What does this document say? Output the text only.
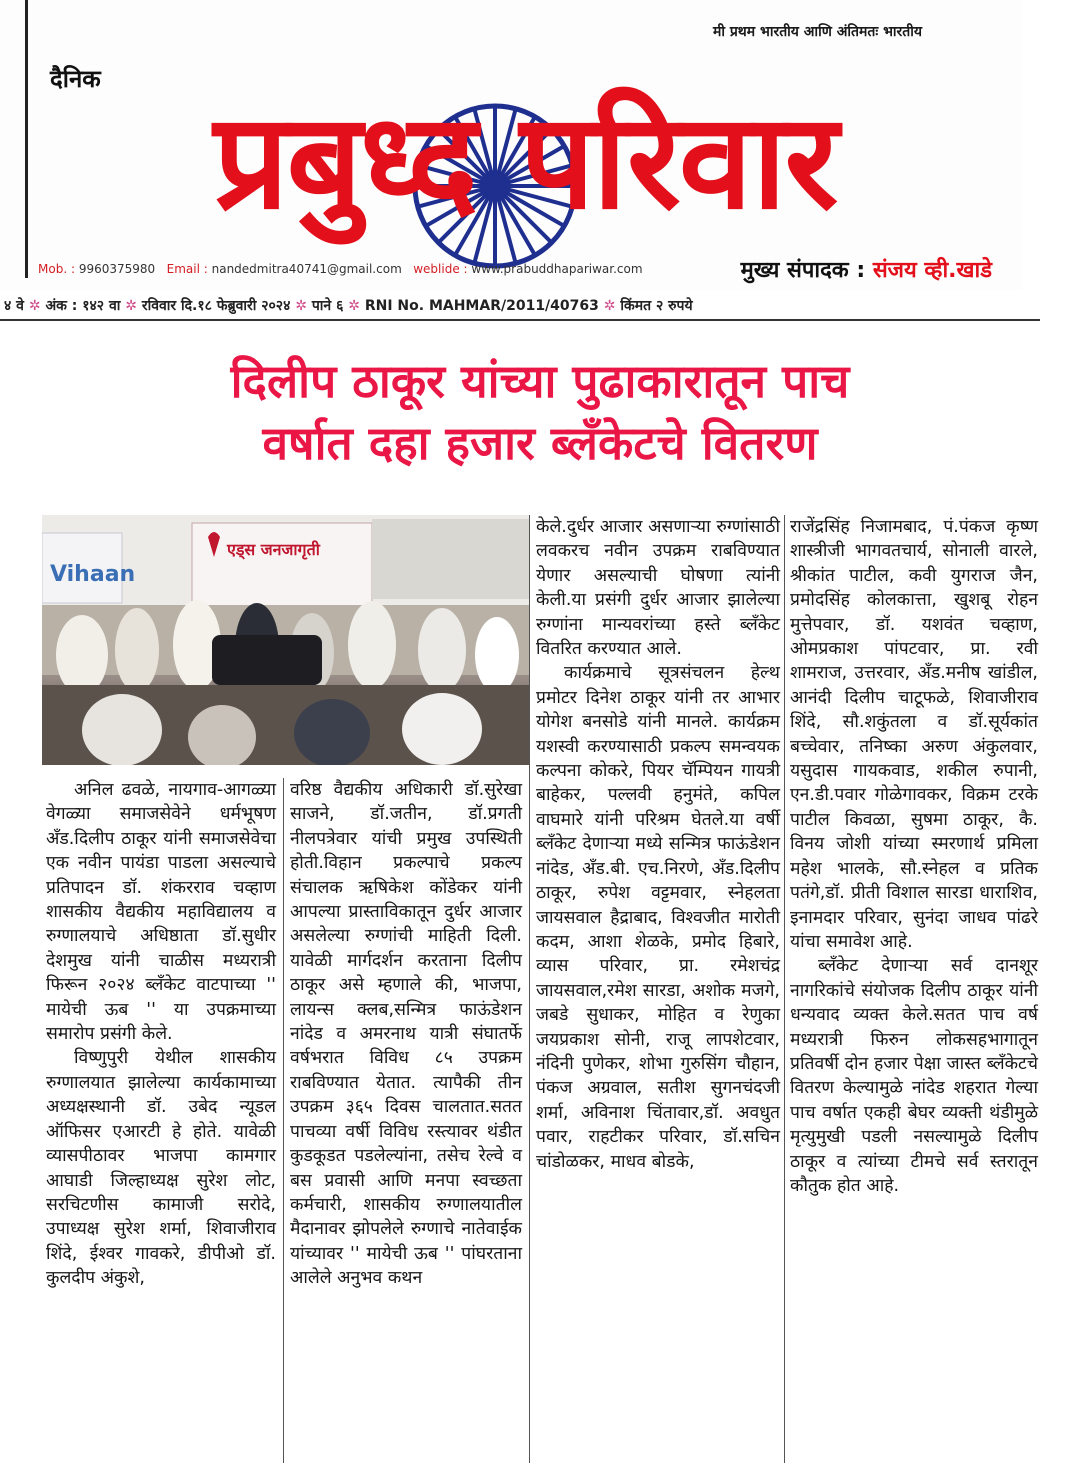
मी प्रथम भारतीय आणि अंतिमतः भारतीय
दैनिक
प्रबुध्द परिवार
Mob. : 9960375980 Email : nandedmitra40741@gmail.com weblide : www.prabuddhapariwar.com	मुख्य संपादक : संजय व्ही.खाडे
४ वे ✲ अंक : १४२ वा ✲ रविवार दि.१८ फेब्रुवारी २०२४ ✲ पाने ६ ✲ RNI No. MAHMAR/2011/40763 ✲ किंमत २ रुपये
दिलीप ठाकूर यांच्या पुढाकारातून पाच
वर्षात दहा हजार ब्लँकेटचे वितरण
Vihaan
एड्स जनजागृती

अनिल ढवळे, नायगाव-आगळ्या वेगळ्या समाजसेवेने धर्मभूषण अँड.दिलीप ठाकूर यांनी समाजसेवेचा एक नवीन पायंडा पाडला असल्याचे प्रतिपादन डॉ. शंकरराव चव्हाण शासकीय वैद्यकीय महाविद्यालय व रुग्णालयाचे अधिष्ठाता डॉ.सुधीर देशमुख यांनी चाळीस मध्यरात्री फिरून २०२४ ब्लँकेट वाटपाच्या '' मायेची ऊब '' या उपक्रमाच्या समारोप प्रसंगी केले.

विष्णुपुरी येथील शासकीय रुग्णालयात झालेल्या कार्यकामाच्या अध्यक्षस्थानी डॉ. उबेद न्यूडल ऑफिसर एआरटी हे होते. यावेळी व्यासपीठावर भाजपा कामगार आघाडी जिल्हाध्यक्ष सुरेश लोट, सरचिटणीस कामाजी सरोदे, उपाध्यक्ष सुरेश शर्मा, शिवाजीराव शिंदे, ईश्वर गावकरे, डीपीओ डॉ. कुलदीप अंकुशे,

वरिष्ठ वैद्यकीय अधिकारी डॉ.सुरेखा साजने, डॉ.जतीन, डॉ.प्रगती नीलपत्रेवार यांची प्रमुख उपस्थिती होती.विहान प्रकल्पाचे प्रकल्प संचालक ऋषिकेश कोंडेकर यांनी आपल्या प्रास्ताविकातून दुर्धर आजार असलेल्या रुग्णांची माहिती दिली. यावेळी मार्गदर्शन करताना दिलीप ठाकूर असे म्हणाले की, भाजपा, लायन्स क्लब,सन्मित्र फाऊंडेशन नांदेड व अमरनाथ यात्री संघातर्फे वर्षभरात विविध ८५ उपक्रम राबविण्यात येतात. त्यापैकी तीन उपक्रम ३६५ दिवस चालतात.सतत पाचव्या वर्षी विविध रस्त्यावर थंडीत कुडकूडत पडलेल्यांना, तसेच रेल्वे व बस प्रवासी आणि मनपा स्वच्छता कर्मचारी, शासकीय रुग्णालयातील मैदानावर झोपलेले रुग्णाचे नातेवाईक यांच्यावर '' मायेची ऊब '' पांघरताना आलेले अनुभव कथन

केले.दुर्धर आजार असणाऱ्या रुग्णांसाठी लवकरच नवीन उपक्रम राबविण्यात येणार असल्याची घोषणा त्यांनी केली.या प्रसंगी दुर्धर आजार झालेल्या रुग्णांना मान्यवरांच्या हस्ते ब्लँकेट वितरित करण्यात आले.

कार्यक्रमाचे सूत्रसंचलन हेल्थ प्रमोटर दिनेश ठाकूर यांनी तर आभार योगेश बनसोडे यांनी मानले. कार्यक्रम यशस्वी करण्यासाठी प्रकल्प समन्वयक कल्पना कोकरे, पियर चॅम्पियन गायत्री बाहेकर, पल्लवी हनुमंते, कपिल वाघमारे यांनी परिश्रम घेतले.या वर्षी ब्लँकेट देणाऱ्या मध्ये सन्मित्र फाऊंडेशन नांदेड, अँड.बी. एच.निरणे, अँड.दिलीप ठाकूर, रुपेश वट्टमवार, स्नेहलता जायसवाल हैद्राबाद, विश्वजीत मारोती कदम, आशा शेळके, प्रमोद हिबारे, व्यास परिवार, प्रा. रमेशचंद्र जायसवाल,रमेश सारडा, अशोक मजगे, जबडे सुधाकर, मोहित व रेणुका जयप्रकाश सोनी, राजू लापशेटवार, नंदिनी पुणेकर, शोभा गुरुसिंग चौहान, पंकज अग्रवाल, सतीश सुगनचंदजी शर्मा, अविनाश चिंतावार,डॉ. अवधुत पवार, राहटीकर परिवार, डॉ.सचिन चांडोळकर, माधव बोडके,

राजेंद्रसिंह निजामबाद, पं.पंकज कृष्ण शास्त्रीजी भागवतचार्य, सोनाली वारले, श्रीकांत पाटील, कवी युगराज जैन, प्रमोदसिंह कोलकात्ता, खुशबू रोहन मुत्तेपवार, डॉ. यशवंत चव्हाण, ओमप्रकाश पांपटवार, प्रा. रवी शामराज, उत्तरवार, अँड.मनीष खांडील, आनंदी दिलीप चाटूफळे, शिवाजीराव शिंदे, सौ.शकुंतला व डॉ.सूर्यकांत बच्चेवार, तनिष्का अरुण अंकुलवार, यसुदास गायकवाड, शकील रुपानी, एन.डी.पवार गोळेगावकर, विक्रम टरके पाटील किवळा, सुषमा ठाकूर, कै. विनय जोशी यांच्या स्मरणार्थ प्रमिला महेश भालके, सौ.स्नेहल व प्रतिक पतंगे,डॉ. प्रीती विशाल सारडा धाराशिव, इनामदार परिवार, सुनंदा जाधव पांढरे यांचा समावेश आहे.

ब्लँकेट देणाऱ्या सर्व दानशूर नागरिकांचे संयोजक दिलीप ठाकूर यांनी धन्यवाद व्यक्त केले.सतत पाच वर्ष मध्यरात्री फिरुन लोकसहभागातून प्रतिवर्षी दोन हजार पेक्षा जास्त ब्लँकेटचे वितरण केल्यामुळे नांदेड शहरात गेल्या पाच वर्षात एकही बेघर व्यक्ती थंडीमुळे मृत्युमुखी पडली नसल्यामुळे दिलीप ठाकूर व त्यांच्या टीमचे सर्व स्तरातून कौतुक होत आहे.
